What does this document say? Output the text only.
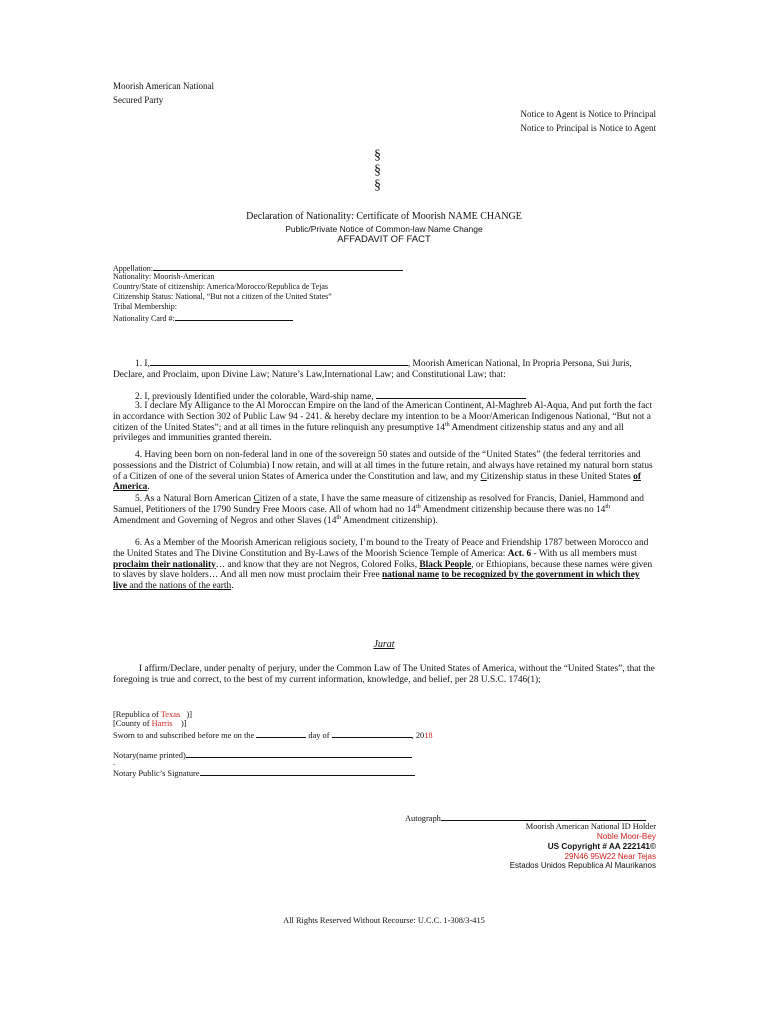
Moorish American National
Secured Party
Notice to Agent is Notice to Principal
Notice to Principal is Notice to Agent
§
§
§
Declaration of Nationality: Certificate of Moorish NAME CHANGE
Public/Private Notice of Common-law Name Change
AFFADAVIT OF FACT
Appellation:
Nationality: Moorish-American
Country/State of citizenship: America/Morocco/Republica de Tejas
Citizenship Status: National, “But not a citizen of the United States”
Tribal Membership:
Nationality Card #:
1. I,	, Moorish American National, In Propria Persona, Sui Juris, Declare, and Proclaim, upon Divine Law; Nature’s Law,International Law; and Constitutional Law; that:
2. I, previously Identified under the colorable, Ward-ship name,
3. I declare My Alligance to the Al Moroccan Empire on the land of the American Continent, Al-Maghreb Al-Aqua, And put forth the fact in accordance with Section 302 of Public Law 94 - 241. & hereby declare my intention to be a Moor/American Indigenous National, “But not a citizen of the United States”; and at all times in the future relinquish any presumptive 14th Amendment citizenship status and any and all privileges and immunities granted therein.
4. Having been born on non-federal land in one of the sovereign 50 states and outside of the “United States” (the federal territories and possessions and the District of Columbia) I now retain, and will at all times in the future retain, and always have retained my natural born status of a Citizen of one of the several union States of America under the Constitution and law, and my Citizenship status in these United States of America.
5. As a Natural Born American Citizen of a state, I have the same measure of citizenship as resolved for Francis, Daniel, Hammond and Samuel, Petitioners of the 1790 Sundry Free Moors case. All of whom had no 14th Amendment citizenship because there was no 14th Amendment and Governing of Negros and other Slaves (14th Amendment citizenship).
6. As a Member of the Moorish American religious society, I’m bound to the Treaty of Peace and Friendship 1787 between Morocco and the United States and The Divine Constitution and By-Laws of the Moorish Science Temple of America: Act. 6 - With us all members must proclaim their nationality… and know that they are not Negros, Colored Folks, Black People, or Ethiopians, because these names were given to slaves by slave holders… And all men now must proclaim their Free national name to be recognized by the government in which they live and the nations of the earth.
Jurat
I affirm/Declare, under penalty of perjury, under the Common Law of The United States of America, without the “United States”, that the foregoing is true and correct, to the best of my current information, knowledge, and belief, per 28 U.S.C. 1746(1);
[Republica of Texas )]
[County of Harris )]
Sworn to and subscribed before me on the	day of	, 2018
Notary(name printed)
.
Notary Public’s Signature
Autograph
Moorish American National ID Holder
Noble Moor-Bey
US Copyright # AA 222141©
29N46 95W22 Near Tejas
Estados Unidos Republica Al Maurikanos
All Rights Reserved Without Recourse: U.C.C. 1-308/3-415
